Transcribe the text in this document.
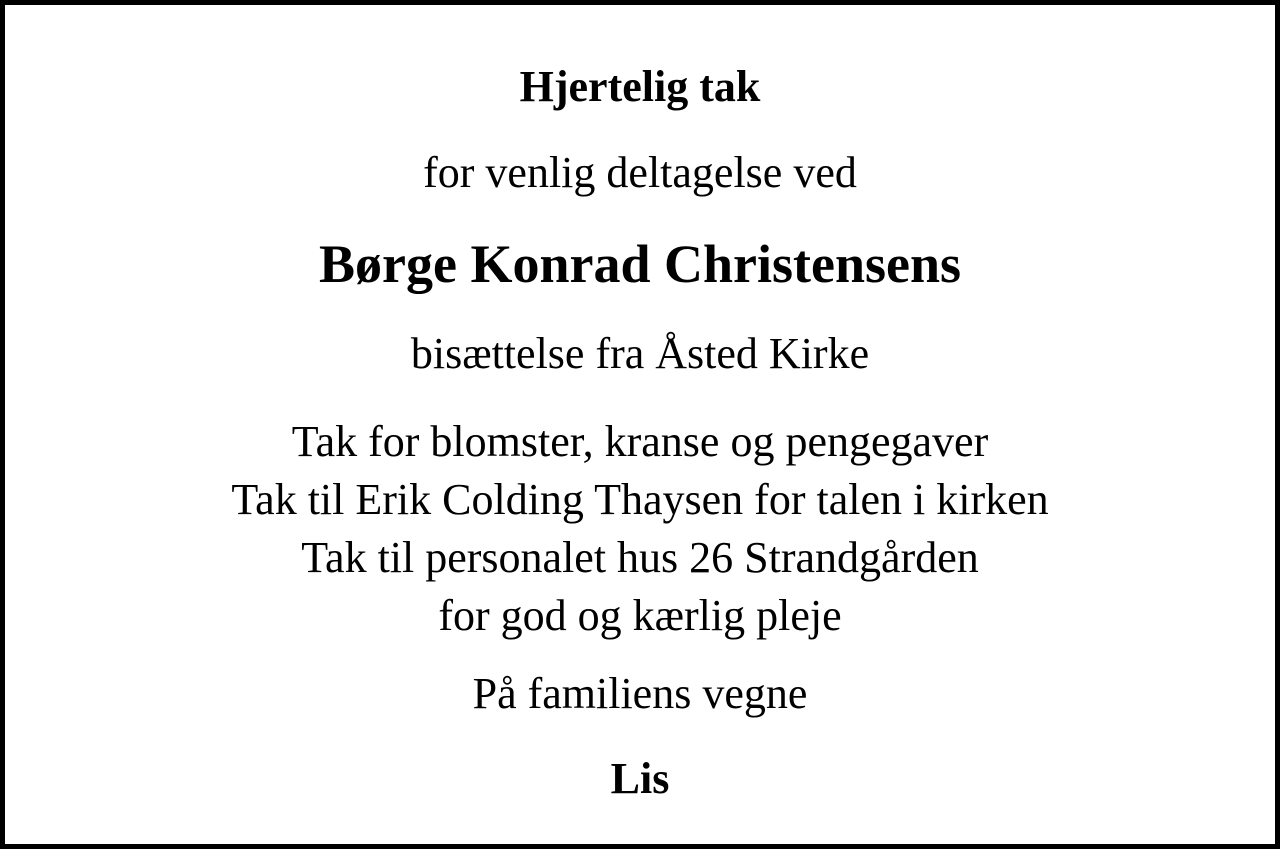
Hjertelig tak
for venlig deltagelse ved
Børge Konrad Christensens
bisættelse fra Åsted Kirke
Tak for blomster, kranse og pengegaver
Tak til Erik Colding Thaysen for talen i kirken
Tak til personalet hus 26 Strandgården
for god og kærlig pleje
På familiens vegne
Lis
